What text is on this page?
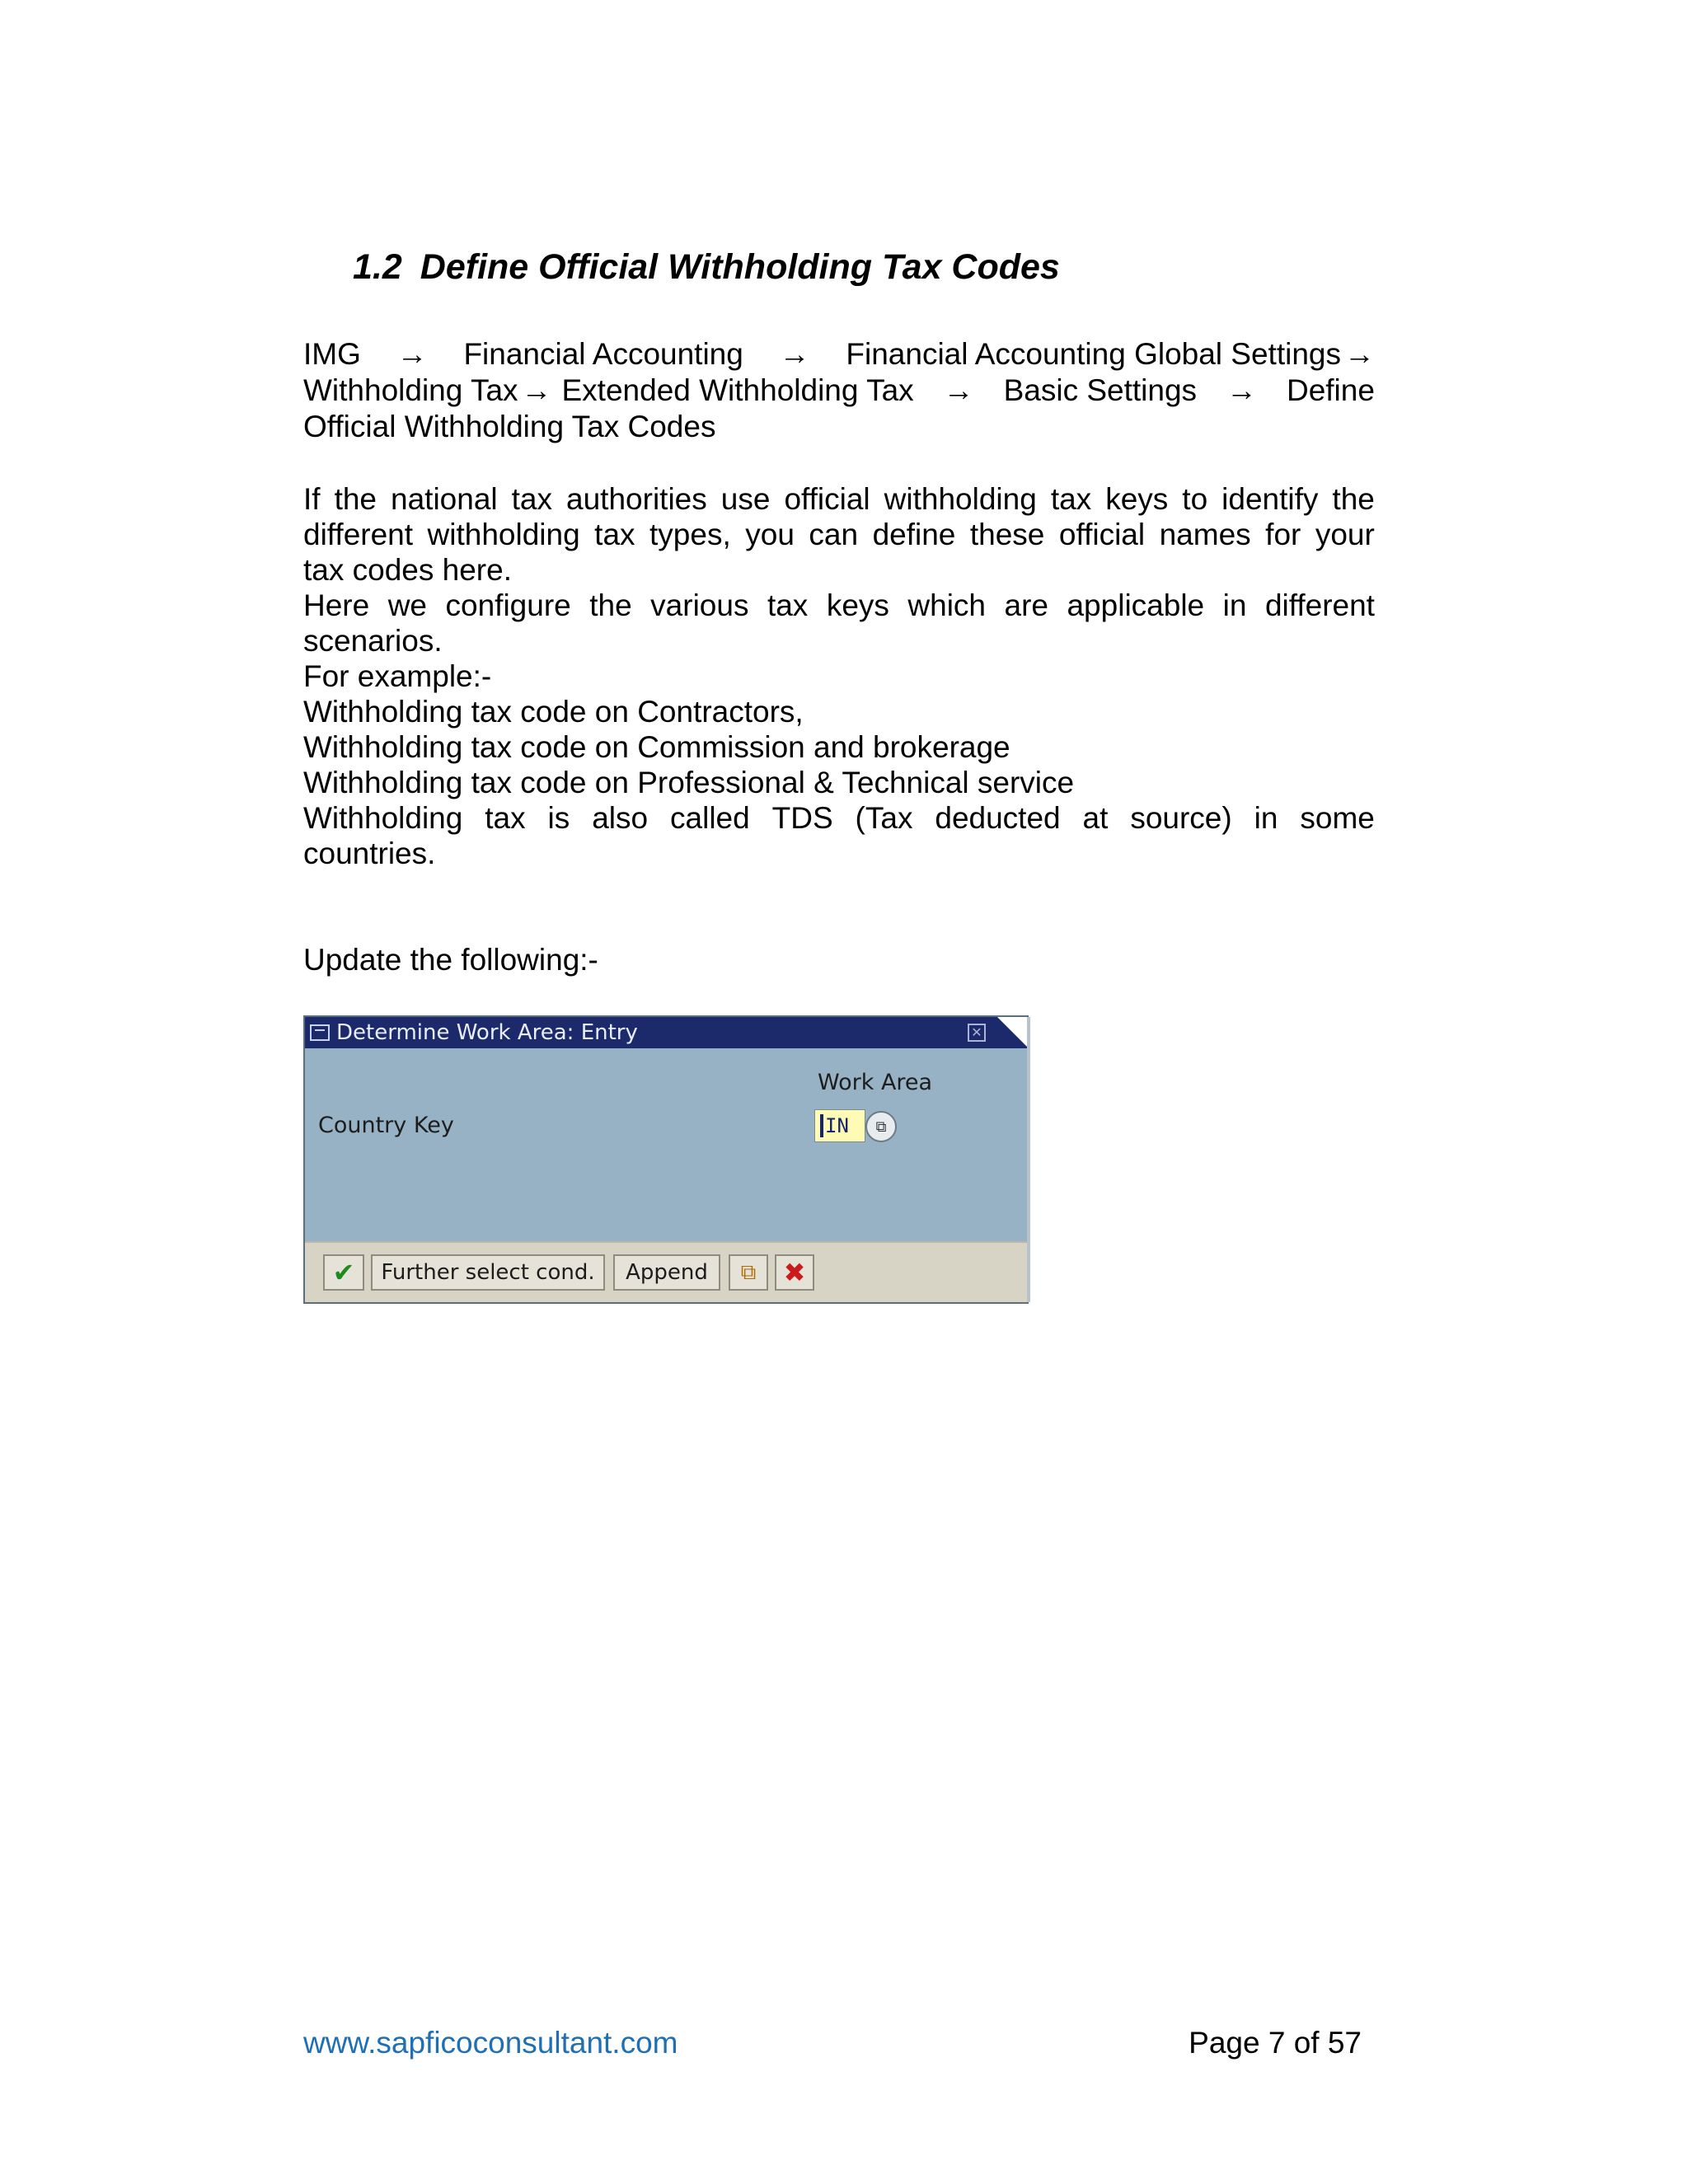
1.2 Define Official Withholding Tax Codes
IMG → Financial Accounting → Financial Accounting Global Settings →
Withholding Tax → Extended Withholding Tax → Basic Settings → Define
Official Withholding Tax Codes
If the national tax authorities use official withholding tax keys to identify the
different withholding tax types, you can define these official names for your

tax codes here.

Here we configure the various tax keys which are applicable in different

scenarios.

For example:-

Withholding tax code on Contractors,

Withholding tax code on Commission and brokerage

Withholding tax code on Professional & Technical service

Withholding tax is also called TDS (Tax deducted at source) in some

countries.

Update the following:-

Determine Work Area: Entry	✕
Work Area
Country Key	IN	⧉
✔	Further select cond.	Append	⧉ ✖

www.sapficoconsultant.com	Page 7 of 57
